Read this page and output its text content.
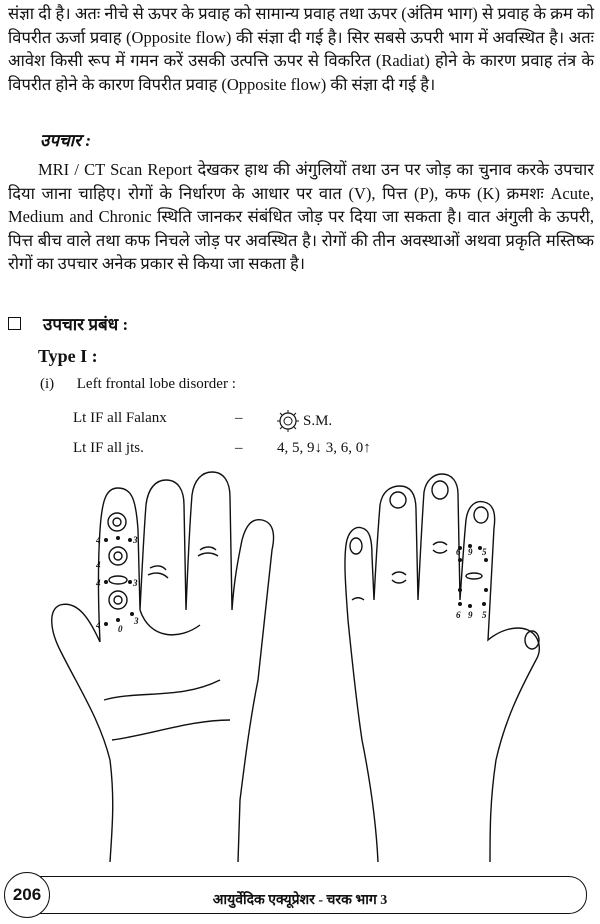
संज्ञा दी है। अतः नीचे से ऊपर के प्रवाह को सामान्य प्रवाह तथा ऊपर (अंतिम भाग) से प्रवाह के क्रम को विपरीत ऊर्जा प्रवाह (Opposite flow) की संज्ञा दी गई है। सिर सबसे ऊपरी भाग में अवस्थित है। अतः आवेश किसी रूप में गमन करें उसकी उत्पत्ति ऊपर से विकरित (Radiat) होने के कारण प्रवाह तंत्र के विपरीत होने के कारण विपरीत प्रवाह (Opposite flow) की संज्ञा दी गई है।
उपचार :
MRI / CT Scan Report देखकर हाथ की अंगुलियों तथा उन पर जोड़ का चुनाव करके उपचार दिया जाना चाहिए। रोगों के निर्धारण के आधार पर वात (V), पित्त (P), कफ (K) क्रमशः Acute, Medium and Chronic स्थिति जानकर संबंधित जोड़ पर दिया जा सकता है। वात अंगुली के ऊपरी, पित्त बीच वाले तथा कफ निचले जोड़ पर अवस्थित है। रोगों की तीन अवस्थाओं अथवा प्रकृति मस्तिष्क रोगों का उपचार अनेक प्रकार से किया जा सकता है।
उपचार प्रबंध :
Type I :
(i) Left frontal lobe disorder :
Lt IF all Falanx	–	S.M.
Lt IF all jts.	– 4, 5, 9↓ 3, 6, 0↑
4	3
4
4	3
4 0
3
6 9 5
6 9 5
206	आयुर्वेदिक एक्यूप्रेशर - चरक भाग 3
